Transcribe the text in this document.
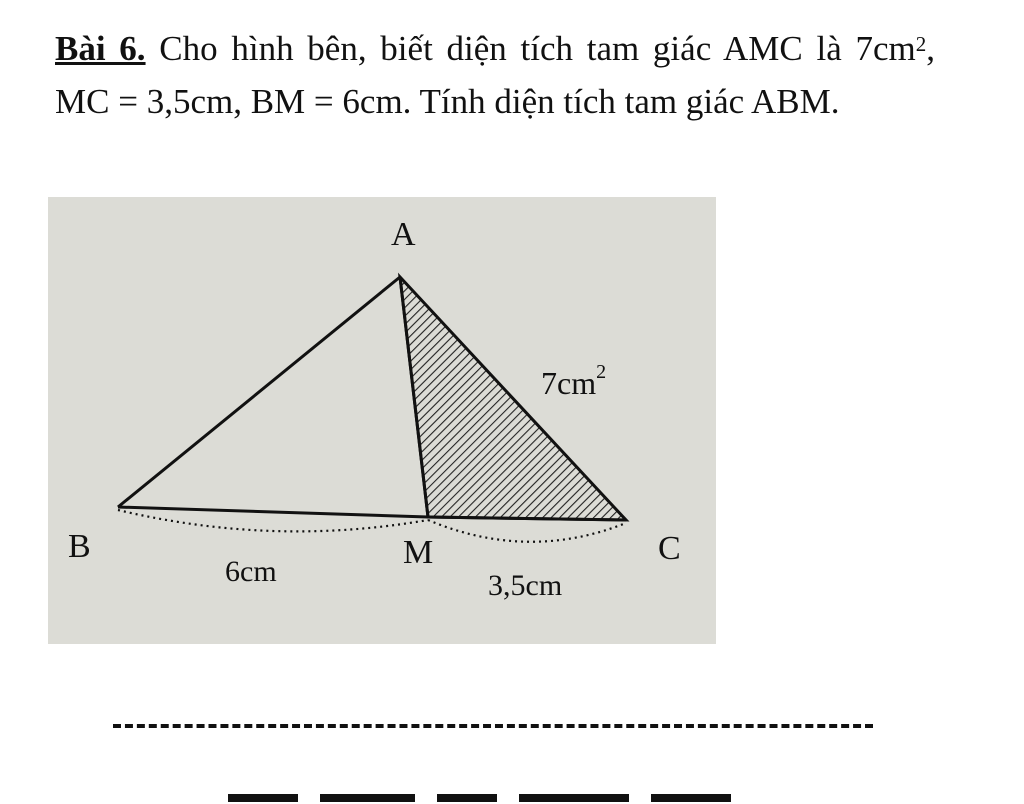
Bài 6. Cho hình bên, biết diện tích tam giác AMC là $7cm^2$, MC = 3,5cm, BM = 6cm. Tính diện tích tam giác ABM.
A
B	C
M
$7cm^2$
6cm	3,5cm
